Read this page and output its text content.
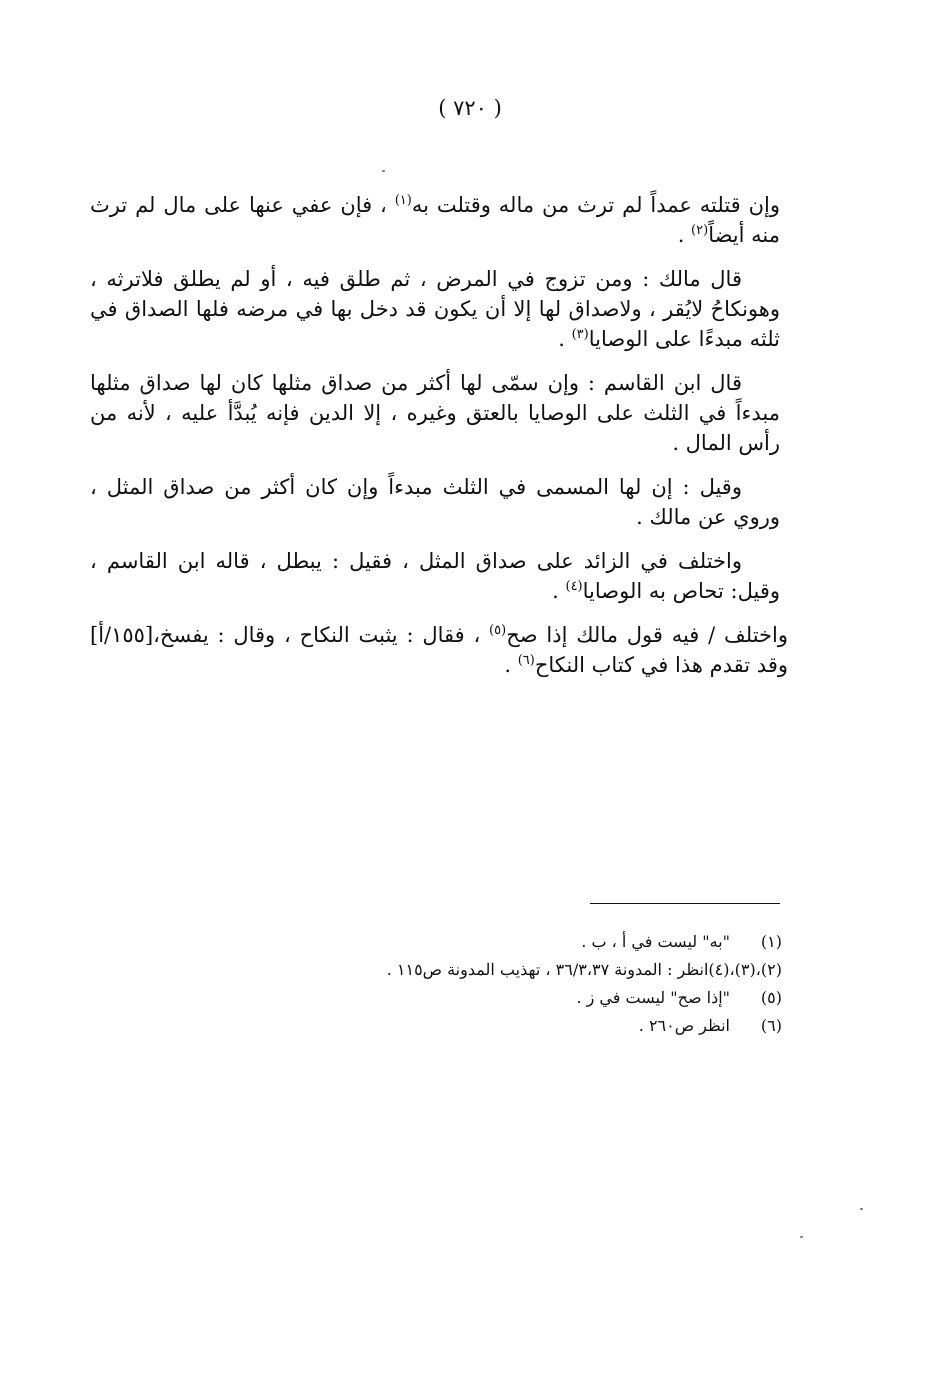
( ٧٢٠ )

وإن قتلته عمداً لم ترث من ماله وقتلت به$^{(١)}$ ، فإن عفي عنها على مال لم ترث منه أيضاً$^{(٢)}$ .

قال مالك : ومن تزوج في المرض ، ثم طلق فيه ، أو لم يطلق فلاترثه ، وهونكاحُ لايُقر ، ولاصداق لها إلا أن يكون قد دخل بها في مرضه فلها الصداق في ثلثه مبدءًا على الوصايا$^{(٣)}$ .

قال ابن القاسم : وإن سمّى لها أكثر من صداق مثلها كان لها صداق مثلها مبدءاً في الثلث على الوصايا بالعتق وغيره ، إلا الدين فإنه يُبدَّأ عليه ، لأنه من رأس المال .

وقيل : إن لها المسمى في الثلث مبدءاً وإن كان أكثر من صداق المثل ، وروي عن مالك .

واختلف في الزائد على صداق المثل ، فقيل : يبطل ، قاله ابن القاسم ، وقيل: تحاص به الوصايا$^{(٤)}$ .

واختلف / فيه قول مالك إذا صح$^{(٥)}$ ، فقال : يثبت النكاح ، وقال : يفسخ،[١٥٥/أ] وقد تقدم هذا في كتاب النكاح$^{(٦)}$ .

(١)"به" ليست في أ ، ب .
(٢)،(٣)،(٤)انظر : المدونة ٣٦/٣،٣٧ ، تهذيب المدونة ص١١٥ .
(٥)"إذا صح" ليست في ز .
(٦)انظر ص٢٦٠ .
